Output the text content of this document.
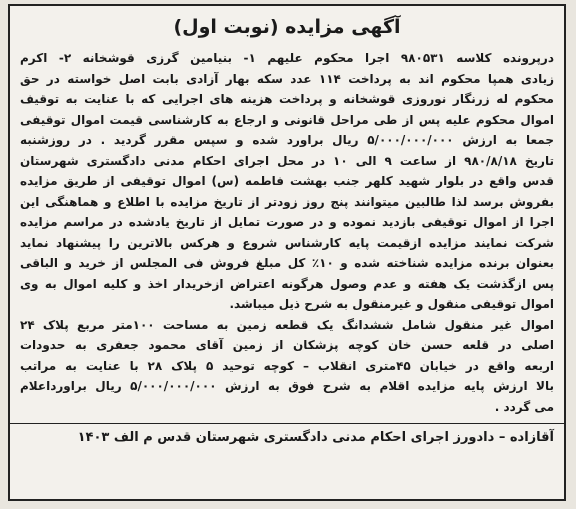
آگهی مزایده (نوبت اول)
درپرونده کلاسه ۹۸۰۵۳۱ اجرا محکوم علیهم ۱- بنیامین گرزی قوشخانه ۲- اکرم
زیادی همپا محکوم اند به پرداخت ۱۱۴ عدد سکه بهار آزادی بابت اصل خواسته در حق
محکوم له زرنگار نوروزی قوشخانه و پرداخت هزینه های اجرایی که با عنایت به توقیف
اموال محکوم علیه پس از طی مراحل قانونی و ارجاع به کارشناسی قیمت اموال توقیفی
جمعا به ارزش ۵/۰۰۰/۰۰۰/۰۰۰ ریال براورد شده و سپس مقرر گردید . در روزشنبه
تاریخ ۹۸۰/۸/۱۸ از ساعت ۹ الی ۱۰ در محل اجرای احکام مدنی دادگستری شهرستان
قدس واقع در بلوار شهید کلهر جنب بهشت فاطمه (س) اموال توقیفی از طریق مزایده
بفروش برسد لذا طالبین میتوانند پنج روز زودتر از تاریخ مزایده با اطلاع و هماهنگی این
اجرا از اموال توقیفی بازدید نموده و در صورت تمایل از تاریخ یادشده در مراسم مزایده
شرکت نمایند مزایده ازقیمت پایه کارشناس شروع و هرکس بالاترین را پیشنهاد نماید
بعنوان برنده مزایده شناخته شده و ۱۰٪ کل مبلغ فروش فی المجلس از خرید و الباقی
پس ازگذشت یک هفته و عدم وصول هرگونه اعتراض ازخریدار اخذ و کلیه اموال به وی
اموال توقیفی منقول و غیرمنقول به شرح ذیل میباشد.
اموال غیر منقول شامل ششدانگ یک قطعه زمین به مساحت ۱۰۰متر مربع پلاک ۲۴
اصلی در قلعه حسن خان کوچه پزشکان از زمین آقای محمود جعفری به حدودات
اربعه واقع در خیابان ۴۵متری انقلاب – کوچه توحید ۵ پلاک ۲۸ با عنایت به مراتب
بالا ارزش پایه مزایده اقلام به شرح فوق به ارزش ۵/۰۰۰/۰۰۰/۰۰۰ ریال براورداعلام
می گردد .
آقازاده – دادورز اجرای احکام مدنی دادگستری شهرستان قدس م الف ۱۴۰۳
